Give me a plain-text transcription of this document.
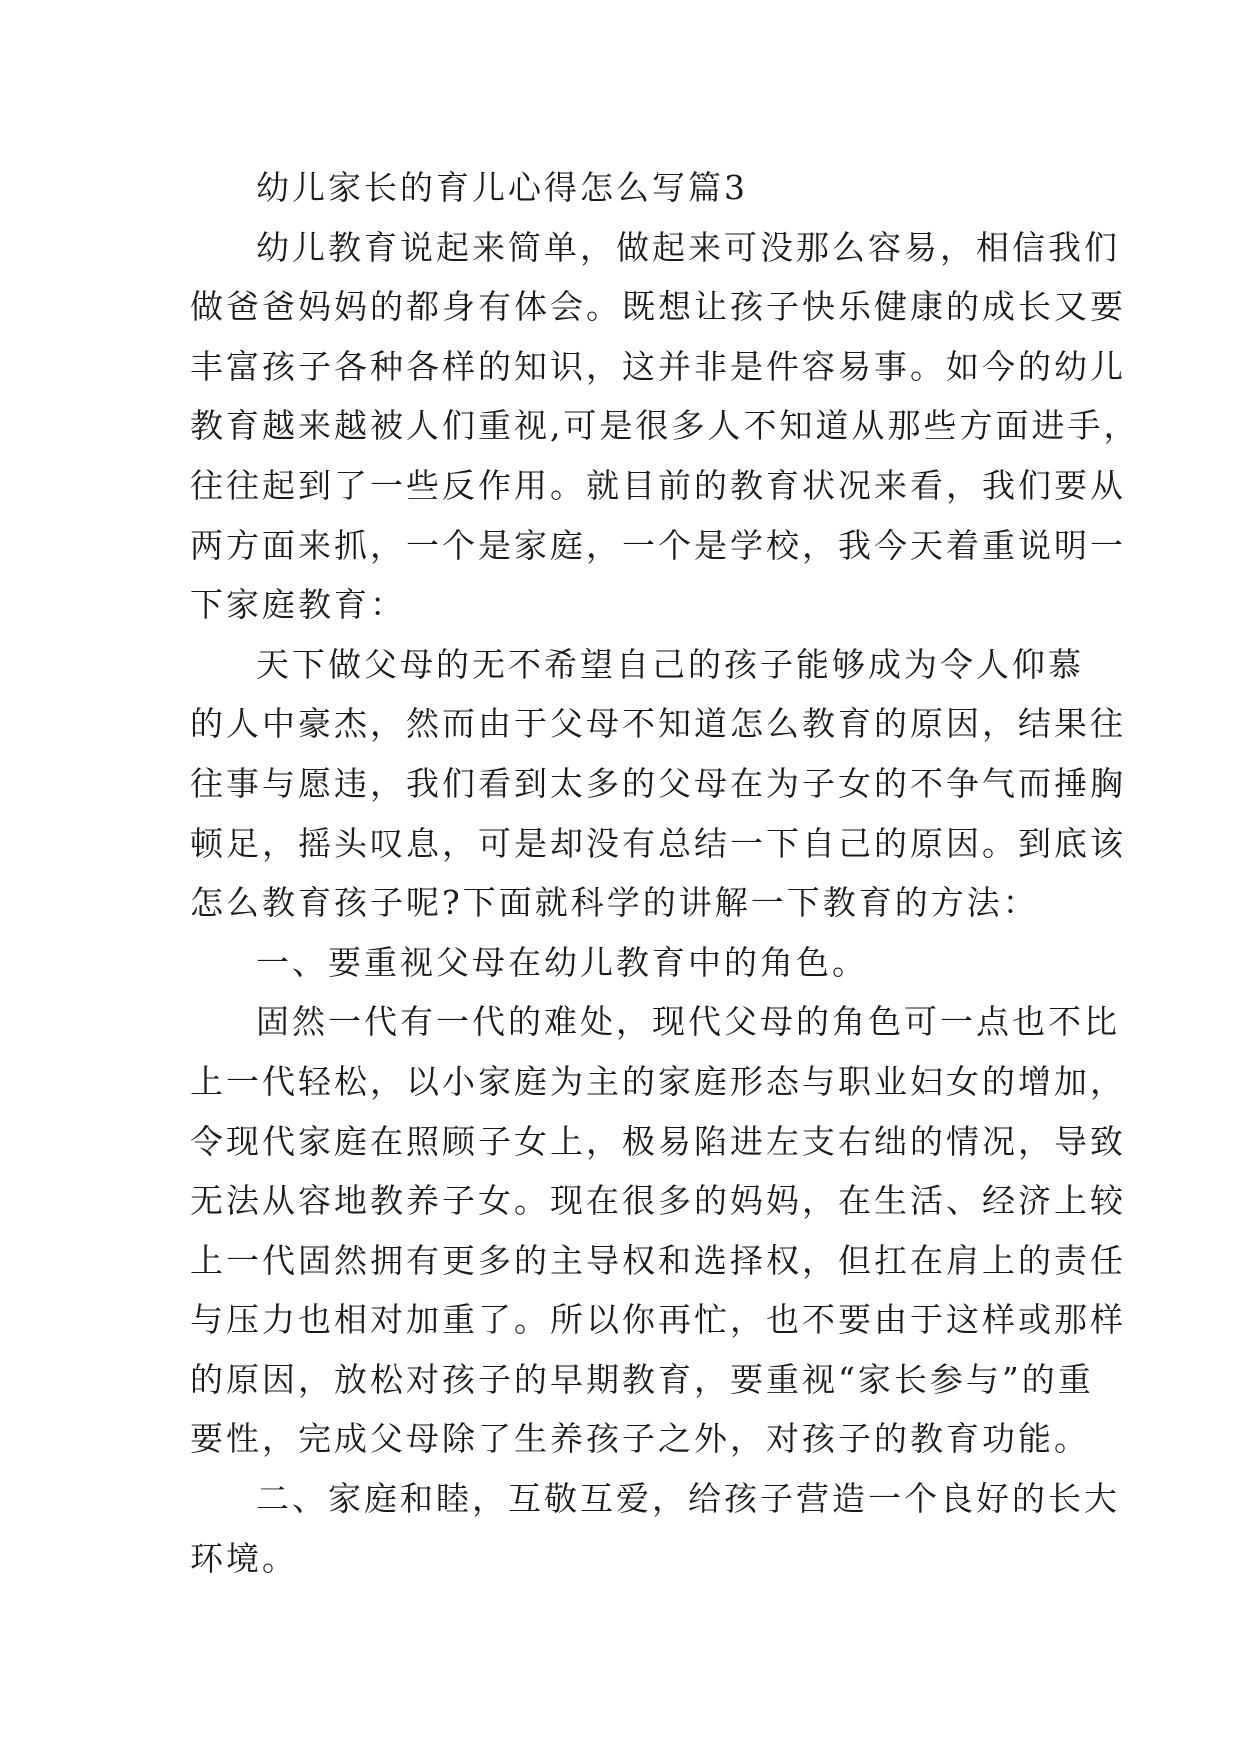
幼儿家长的育儿心得怎么写篇3
幼儿教育说起来简单，做起来可没那么容易，相信我们
做爸爸妈妈的都身有体会。既想让孩子快乐健康的成长又要
丰富孩子各种各样的知识，这并非是件容易事。如今的幼儿
教育越来越被人们重视,可是很多人不知道从那些方面进手，
往往起到了一些反作用。就目前的教育状况来看，我们要从
两方面来抓，一个是家庭，一个是学校，我今天着重说明一
下家庭教育：
天下做父母的无不希望自己的孩子能够成为令人仰慕
的人中豪杰，然而由于父母不知道怎么教育的原因，结果往
往事与愿违，我们看到太多的父母在为子女的不争气而捶胸
顿足，摇头叹息，可是却没有总结一下自己的原因。到底该
怎么教育孩子呢?下面就科学的讲解一下教育的方法：
一、要重视父母在幼儿教育中的角色。
固然一代有一代的难处，现代父母的角色可一点也不比
上一代轻松，以小家庭为主的家庭形态与职业妇女的增加，
令现代家庭在照顾子女上，极易陷进左支右绌的情况，导致
无法从容地教养子女。现在很多的妈妈，在生活、经济上较
上一代固然拥有更多的主导权和选择权，但扛在肩上的责任
与压力也相对加重了。所以你再忙，也不要由于这样或那样
的原因，放松对孩子的早期教育，要重视“家长参与”的重
要性，完成父母除了生养孩子之外，对孩子的教育功能。
二、家庭和睦，互敬互爱，给孩子营造一个良好的长大
环境。
